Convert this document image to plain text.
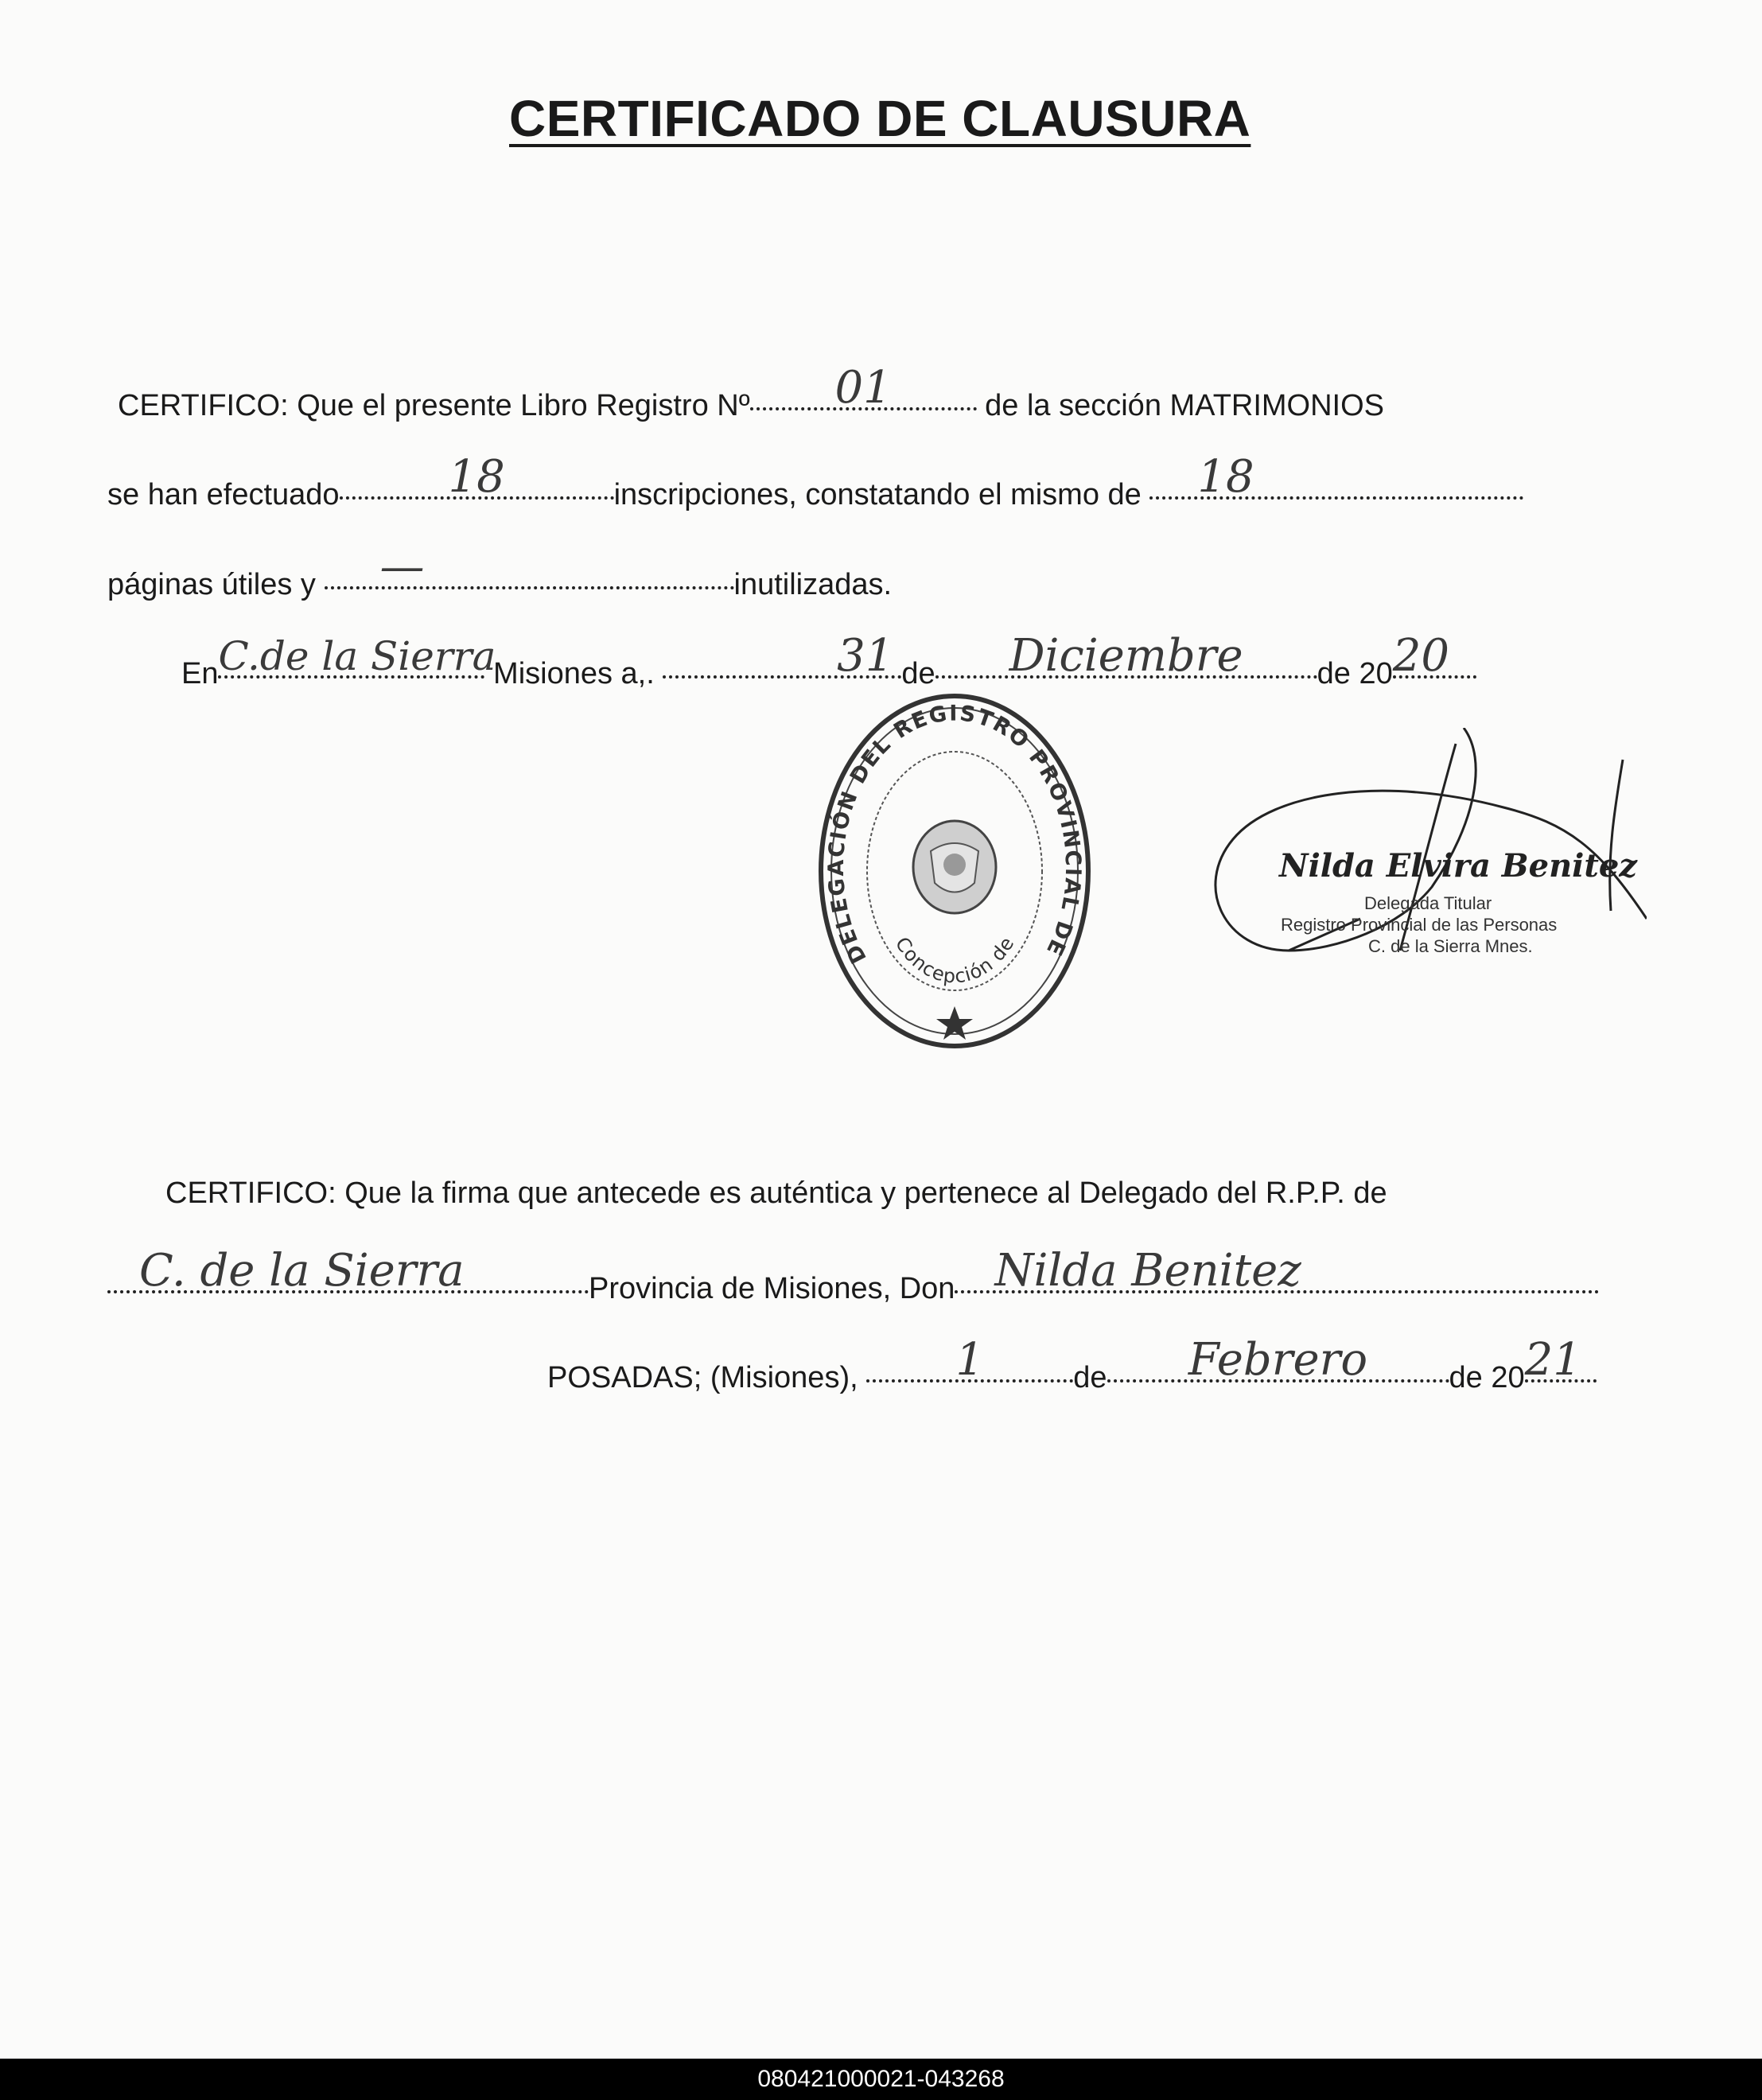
CERTIFICADO DE CLAUSURA
CERTIFICO: Que el presente Libro Registro Nº	01	de la sección MATRIMONIOS
se han efectuado	18	inscripciones, constatando el mismo de	18
páginas útiles y	—	inutilizadas.
En C.de la Sierra
Misiones a,.	31 de	Diciembre	de 20 20
DELEGACIÓN DEL REGISTRO PROVINCIAL DE
Concepción de
Nilda Elvira Benitez
Delegada Titular
Registro Provincial de las Personas
C. de la Sierra Mnes.
CERTIFICO: Que la firma que antecede es auténtica y pertenece al Delegado del R.P.P. de
C. de la Sierra	Provincia de Misiones, Don Nilda Benitez
POSADAS; (Misiones),	1	de	Febrero	de 20 21
080421000021-043268
